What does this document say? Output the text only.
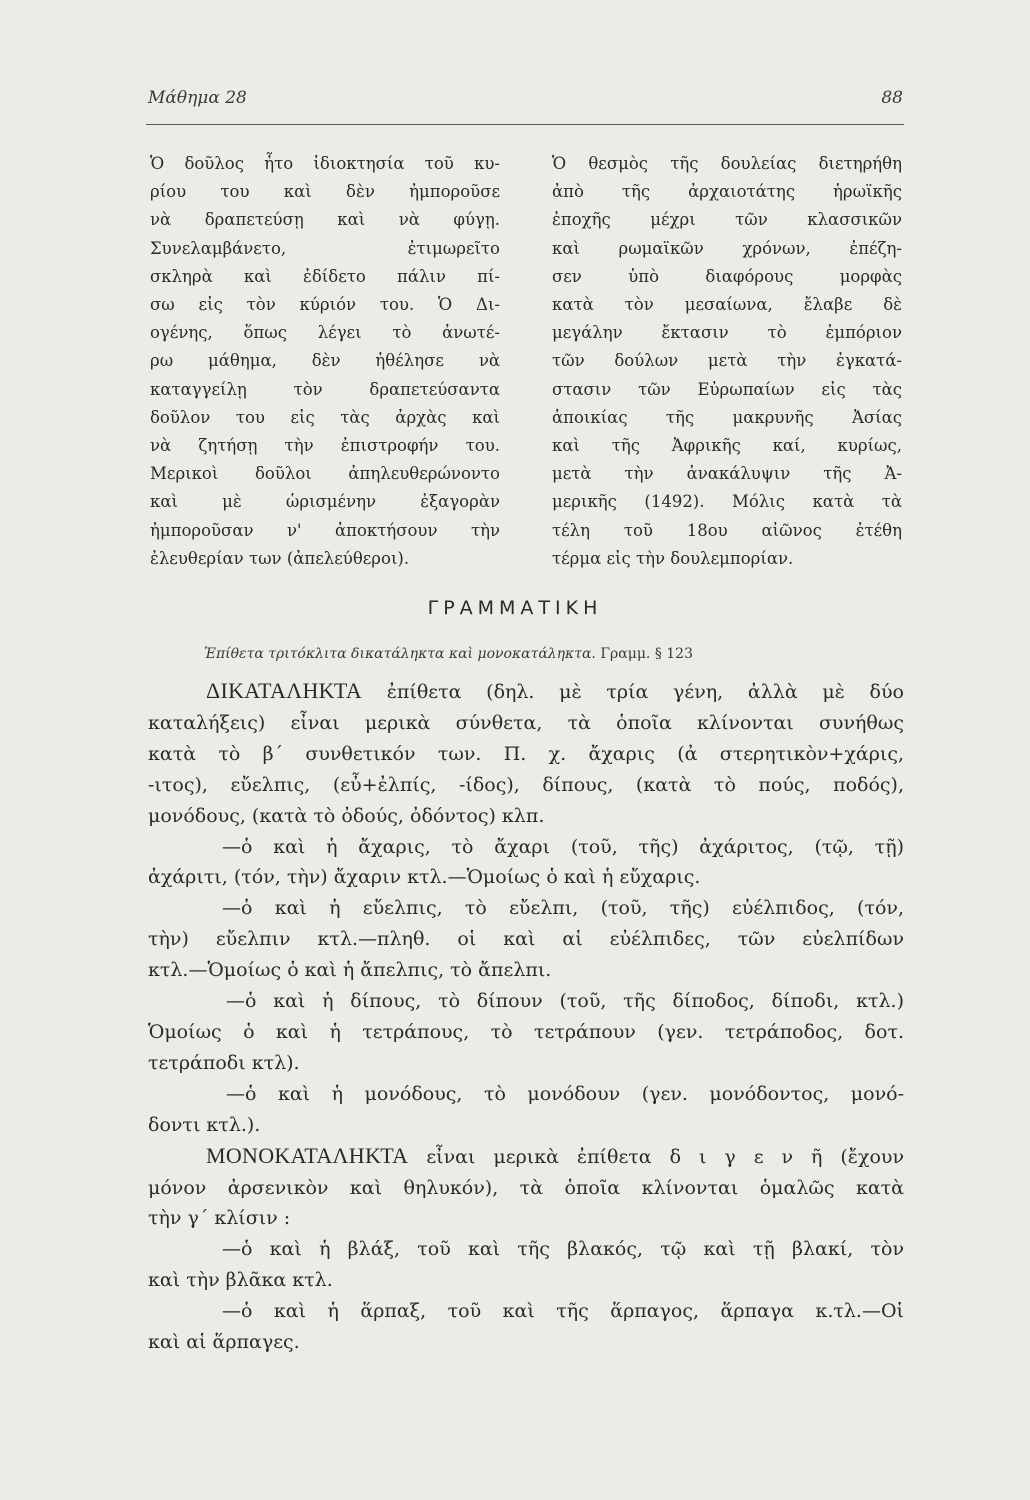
Μάθημα 28	88
Ὁ δοῦλος ἦτο ἰδιοκτησία τοῦ κυ-
ρίου του καὶ δὲν ἠμποροῦσε
νὰ δραπετεύσῃ καὶ νὰ φύγῃ.
Συνελαμβάνετο, ἐτιμωρεῖτο
σκληρὰ καὶ ἐδίδετο πάλιν πί-
σω εἰς τὸν κύριόν του. Ὁ Δι-
ογένης, ὅπως λέγει τὸ ἀνωτέ-
ρω μάθημα, δὲν ἠθέλησε νὰ
καταγγείλῃ τὸν δραπετεύσαντα
δοῦλον του εἰς τὰς ἀρχὰς καὶ
νὰ ζητήσῃ τὴν ἐπιστροφήν του.
Μερικοὶ δοῦλοι ἀπηλευθερώνοντο
καὶ μὲ ὡρισμένην ἐξαγορὰν
ἠμποροῦσαν ν' ἀποκτήσουν τὴν
ἐλευθερίαν των (ἀπελεύθεροι).
Ὁ θεσμὸς τῆς δουλείας διετηρήθη
ἀπὸ τῆς ἀρχαιοτάτης ἡρωϊκῆς
ἐποχῆς μέχρι τῶν κλασσικῶν
καὶ ρωμαϊκῶν χρόνων, ἐπέζη-
σεν ὑπὸ διαφόρους μορφὰς
κατὰ τὸν μεσαίωνα, ἔλαβε δὲ
μεγάλην ἔκτασιν τὸ ἐμπόριον
τῶν δούλων μετὰ τὴν ἐγκατά-
στασιν τῶν Εὐρωπαίων εἰς τὰς
ἀποικίας τῆς μακρυνῆς Ἀσίας
καὶ τῆς Ἀφρικῆς καί, κυρίως,
μετὰ τὴν ἀνακάλυψιν τῆς Ἀ-
μερικῆς (1492). Μόλις κατὰ τὰ
τέλη τοῦ 18ου αἰῶνος ἐτέθη
τέρμα εἰς τὴν δουλεμπορίαν.
ΓΡΑΜΜΑΤΙΚΗ
Ἐπίθετα τριτόκλιτα δικατάληκτα καὶ μονοκατάληκτα. Γραμμ. § 123
ΔΙΚΑΤΑΛΗΚΤΑ ἐπίθετα (δηλ. μὲ τρία γένη, ἀλλὰ μὲ δύο
καταλήξεις) εἶναι μερικὰ σύνθετα, τὰ ὁποῖα κλίνονται συνήθως
κατὰ τὸ β΄ συνθετικόν των. Π. χ. ἄχαρις (ἀ στερητικὸν+χάρις,
-ιτος), εὔελπις, (εὖ+ἐλπίς, -ίδος), δίπους, (κατὰ τὸ πούς, ποδός),
μονόδους, (κατὰ τὸ ὀδούς, ὀδόντος) κλπ.
—ὁ καὶ ἡ ἄχαρις, τὸ ἄχαρι (τοῦ, τῆς) ἀχάριτος, (τῷ, τῇ)
ἀχάριτι, (τόν, τὴν) ἄχαριν κτλ.—Ὁμοίως ὁ καὶ ἡ εὔχαρις.
—ὁ καὶ ἡ εὔελπις, τὸ εὔελπι, (τοῦ, τῆς) εὐέλπιδος, (τόν,
τὴν) εὔελπιν κτλ.—πληθ. οἱ καὶ αἱ εὐέλπιδες, τῶν εὐελπίδων
κτλ.—Ὁμοίως ὁ καὶ ἡ ἄπελπις, τὸ ἄπελπι.
—ὁ καὶ ἡ δίπους, τὸ δίπουν (τοῦ, τῆς δίποδος, δίποδι, κτλ.)
Ὁμοίως ὁ καὶ ἡ τετράπους, τὸ τετράπουν (γεν. τετράποδος, δοτ.
τετράποδι κτλ).
—ὁ καὶ ἡ μονόδους, τὸ μονόδουν (γεν. μονόδοντος, μονό-
δοντι κτλ.).
ΜΟΝΟΚΑΤΑΛΗΚΤΑ εἶναι μερικὰ ἐπίθετα δ ι γ ε ν ῆ (ἔχουν
μόνον ἀρσενικὸν καὶ θηλυκόν), τὰ ὁποῖα κλίνονται ὁμαλῶς κατὰ
τὴν γ΄ κλίσιν :
—ὁ καὶ ἡ βλάξ, τοῦ καὶ τῆς βλακός, τῷ καὶ τῇ βλακί, τὸν
καὶ τὴν βλᾶκα κτλ.
—ὁ καὶ ἡ ἅρπαξ, τοῦ καὶ τῆς ἅρπαγος, ἅρπαγα κ.τλ.—Οἱ
καὶ αἱ ἅρπαγες.
